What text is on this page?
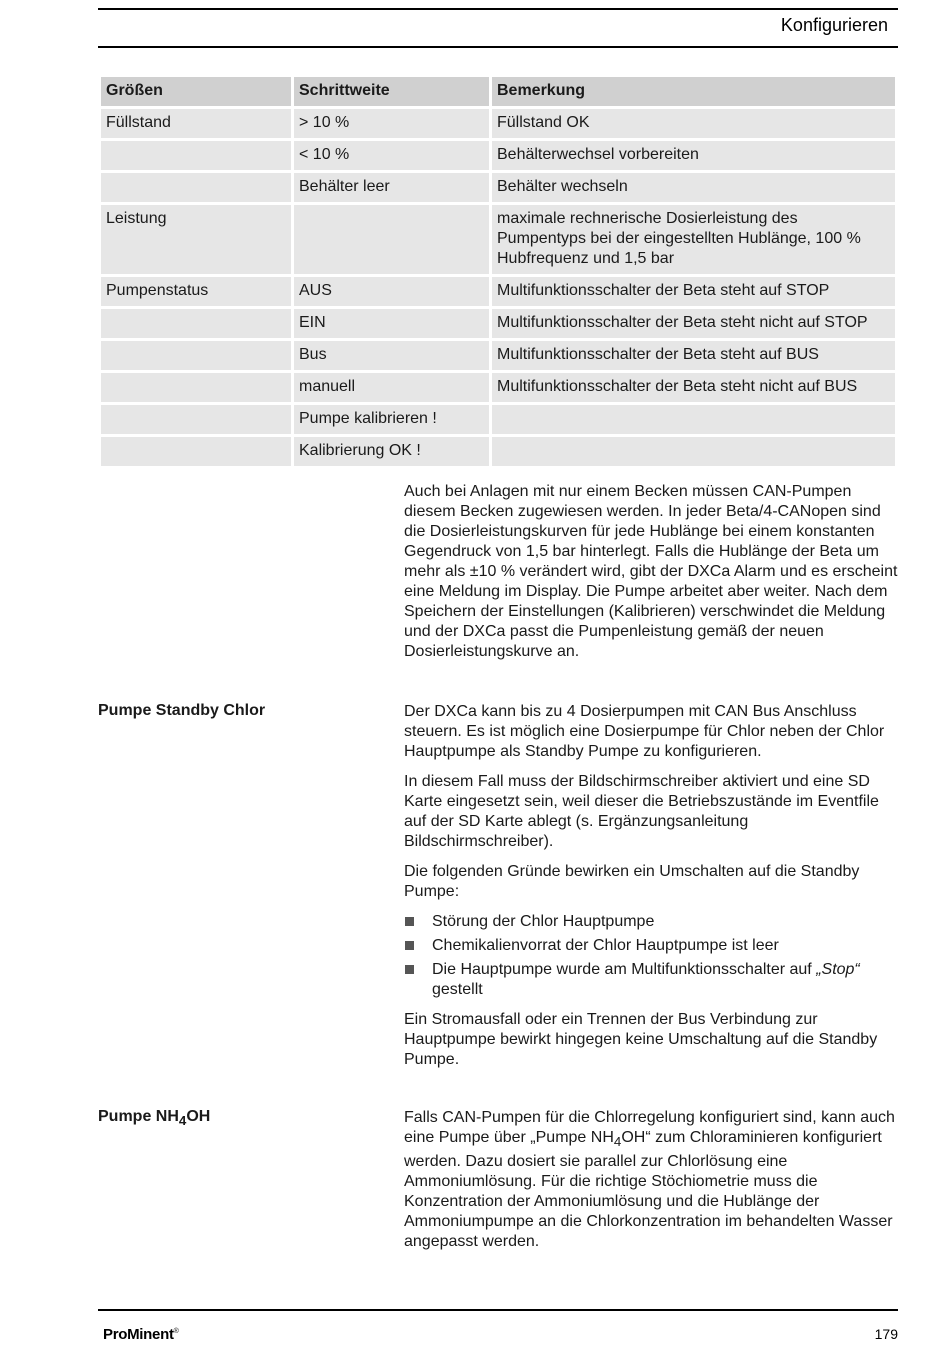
Konfigurieren
Größen	Schrittweite	Bemerkung
Füllstand	> 10 %	Füllstand OK
	< 10 %	Behälterwechsel vorbereiten
	Behälter leer	Behälter wechseln
Leistung		maximale rechnerische Dosierleistung des Pumpentyps bei der eingestellten Hublänge, 100 % Hubfrequenz und 1,5 bar
Pumpenstatus	AUS	Multifunktionsschalter der Beta steht auf STOP
	EIN	Multifunktionsschalter der Beta steht nicht auf STOP
	Bus	Multifunktionsschalter der Beta steht auf BUS
	manuell	Multifunktionsschalter der Beta steht nicht auf BUS
	Pumpe kalibrieren !	
	Kalibrierung OK !	

Auch bei Anlagen mit nur einem Becken müssen CAN-Pumpen diesem Becken zugewiesen werden. In jeder Beta/4-CANopen sind die Dosierleistungskurven für jede Hublänge bei einem konstanten Gegendruck von 1,5 bar hinterlegt. Falls die Hublänge der Beta um mehr als ±10 % verändert wird, gibt der DXCa Alarm und es erscheint eine Meldung im Display. Die Pumpe arbeitet aber weiter. Nach dem Speichern der Einstellungen (Kalibrieren) verschwindet die Meldung und der DXCa passt die Pumpenleistung gemäß der neuen Dosierleistungskurve an.

Pumpe Standby Chlor	Der DXCa kann bis zu 4 Dosierpumpen mit CAN Bus Anschluss steuern. Es ist möglich eine Dosierpumpe für Chlor neben der Chlor Hauptpumpe als Standby Pumpe zu konfigurieren.

In diesem Fall muss der Bildschirmschreiber aktiviert und eine SD Karte eingesetzt sein, weil dieser die Betriebszustände im Eventfile auf der SD Karte ablegt (s. Ergänzungsanleitung Bildschirmschreiber).

Die folgenden Gründe bewirken ein Umschalten auf die Standby Pumpe:

Störung der Chlor Hauptpumpe
Chemikalienvorrat der Chlor Hauptpumpe ist leer
Die Hauptpumpe wurde am Multifunktionsschalter auf „Stop“ gestellt

Ein Stromausfall oder ein Trennen der Bus Verbindung zur Hauptpumpe bewirkt hingegen keine Umschaltung auf die Standby Pumpe.

Pumpe $NH_4OH$	Falls CAN-Pumpen für die Chlorregelung konfiguriert sind, kann auch eine Pumpe über „Pumpe $NH_4OH“$ zum Chloraminieren konfiguriert werden. Dazu dosiert sie parallel zur Chlorlösung eine Ammoniumlösung. Für die richtige Stöchiometrie muss die Konzentration der Ammoniumlösung und die Hublänge der Ammoniumpumpe an die Chlorkonzentration im behandelten Wasser angepasst werden.

ProMinent®	179
